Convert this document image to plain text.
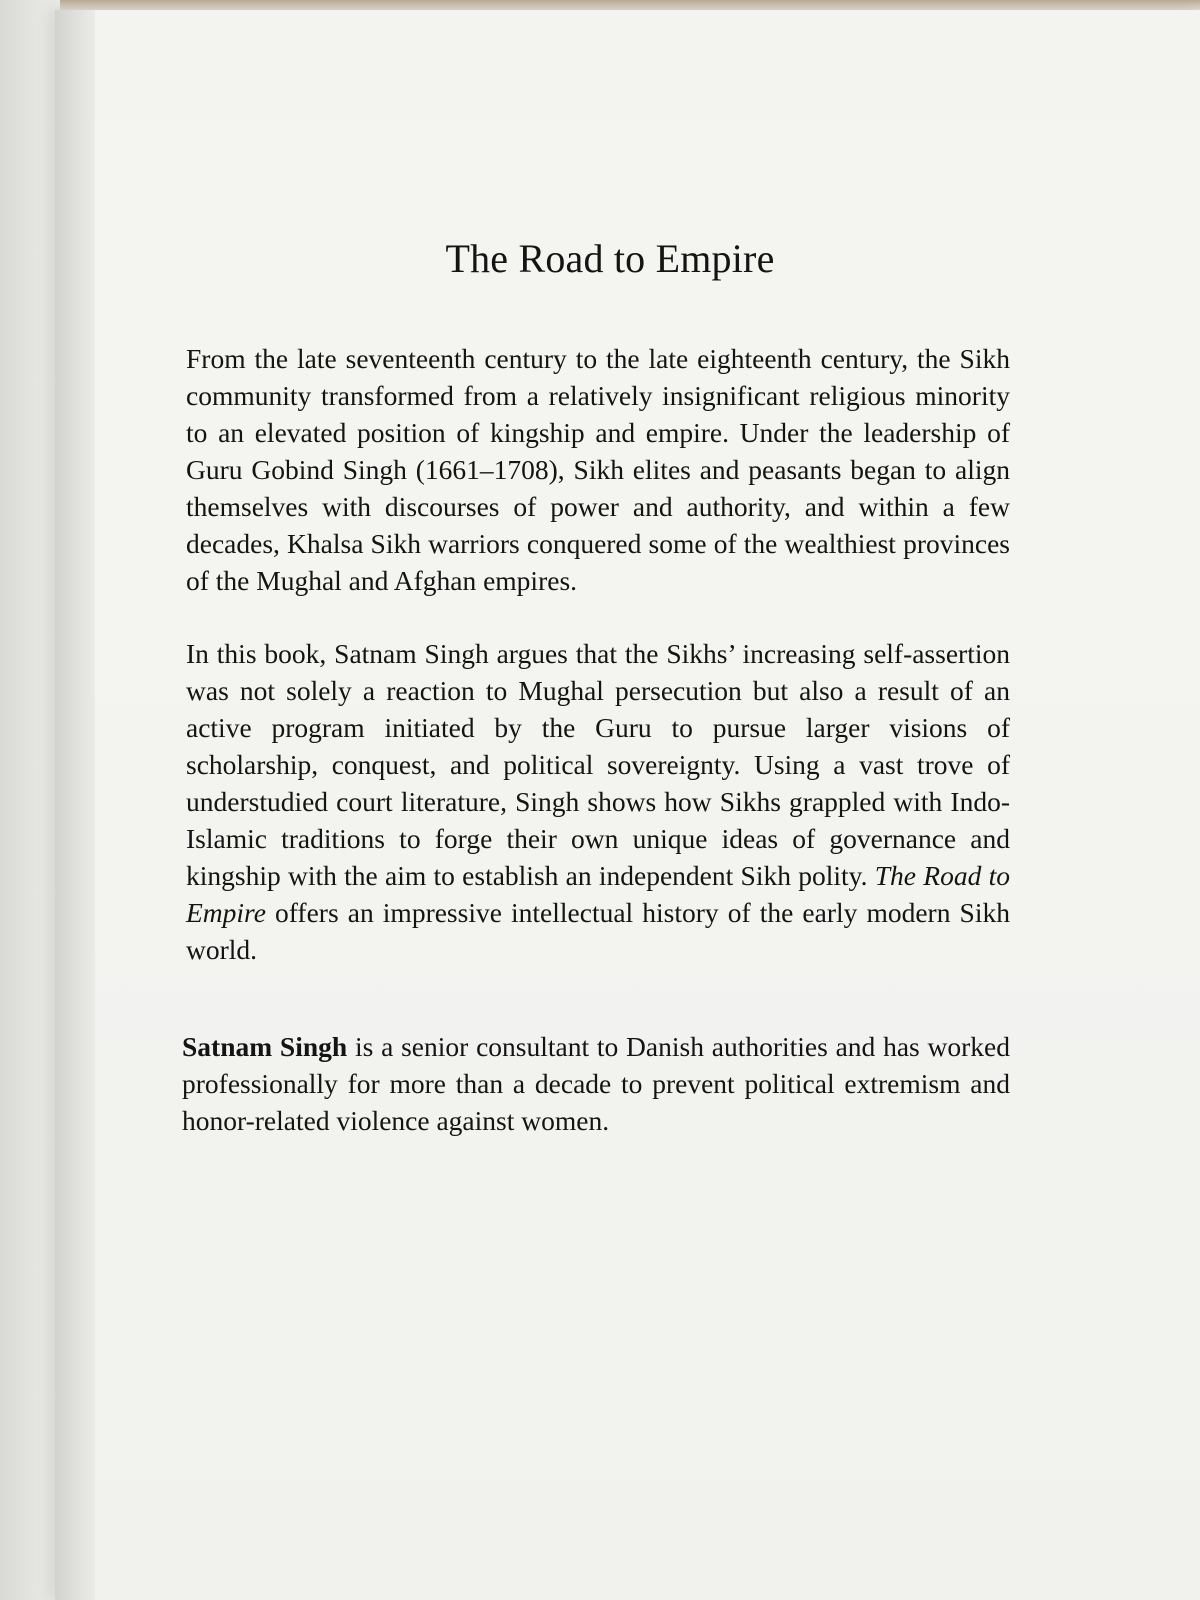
The Road to Empire

From the late seventeenth century to the late eighteenth century, the Sikh community transformed from a relatively insignificant religious minority to an elevated position of kingship and empire. Under the leadership of Guru Gobind Singh (1661–1708), Sikh elites and peasants began to align themselves with discourses of power and authority, and within a few decades, Khalsa Sikh warriors conquered some of the wealthiest provinces of the Mughal and Afghan empires.

In this book, Satnam Singh argues that the Sikhs’ increasing self-assertion was not solely a reaction to Mughal persecution but also a result of an active program initiated by the Guru to pursue larger visions of scholarship, conquest, and political sovereignty. Using a vast trove of understudied court literature, Singh shows how Sikhs grappled with Indo-Islamic traditions to forge their own unique ideas of governance and kingship with the aim to establish an independent Sikh polity. The Road to Empire offers an impressive intellectual history of the early modern Sikh world.

Satnam Singh is a senior consultant to Danish authorities and has worked professionally for more than a decade to prevent political extremism and honor-related violence against women.
